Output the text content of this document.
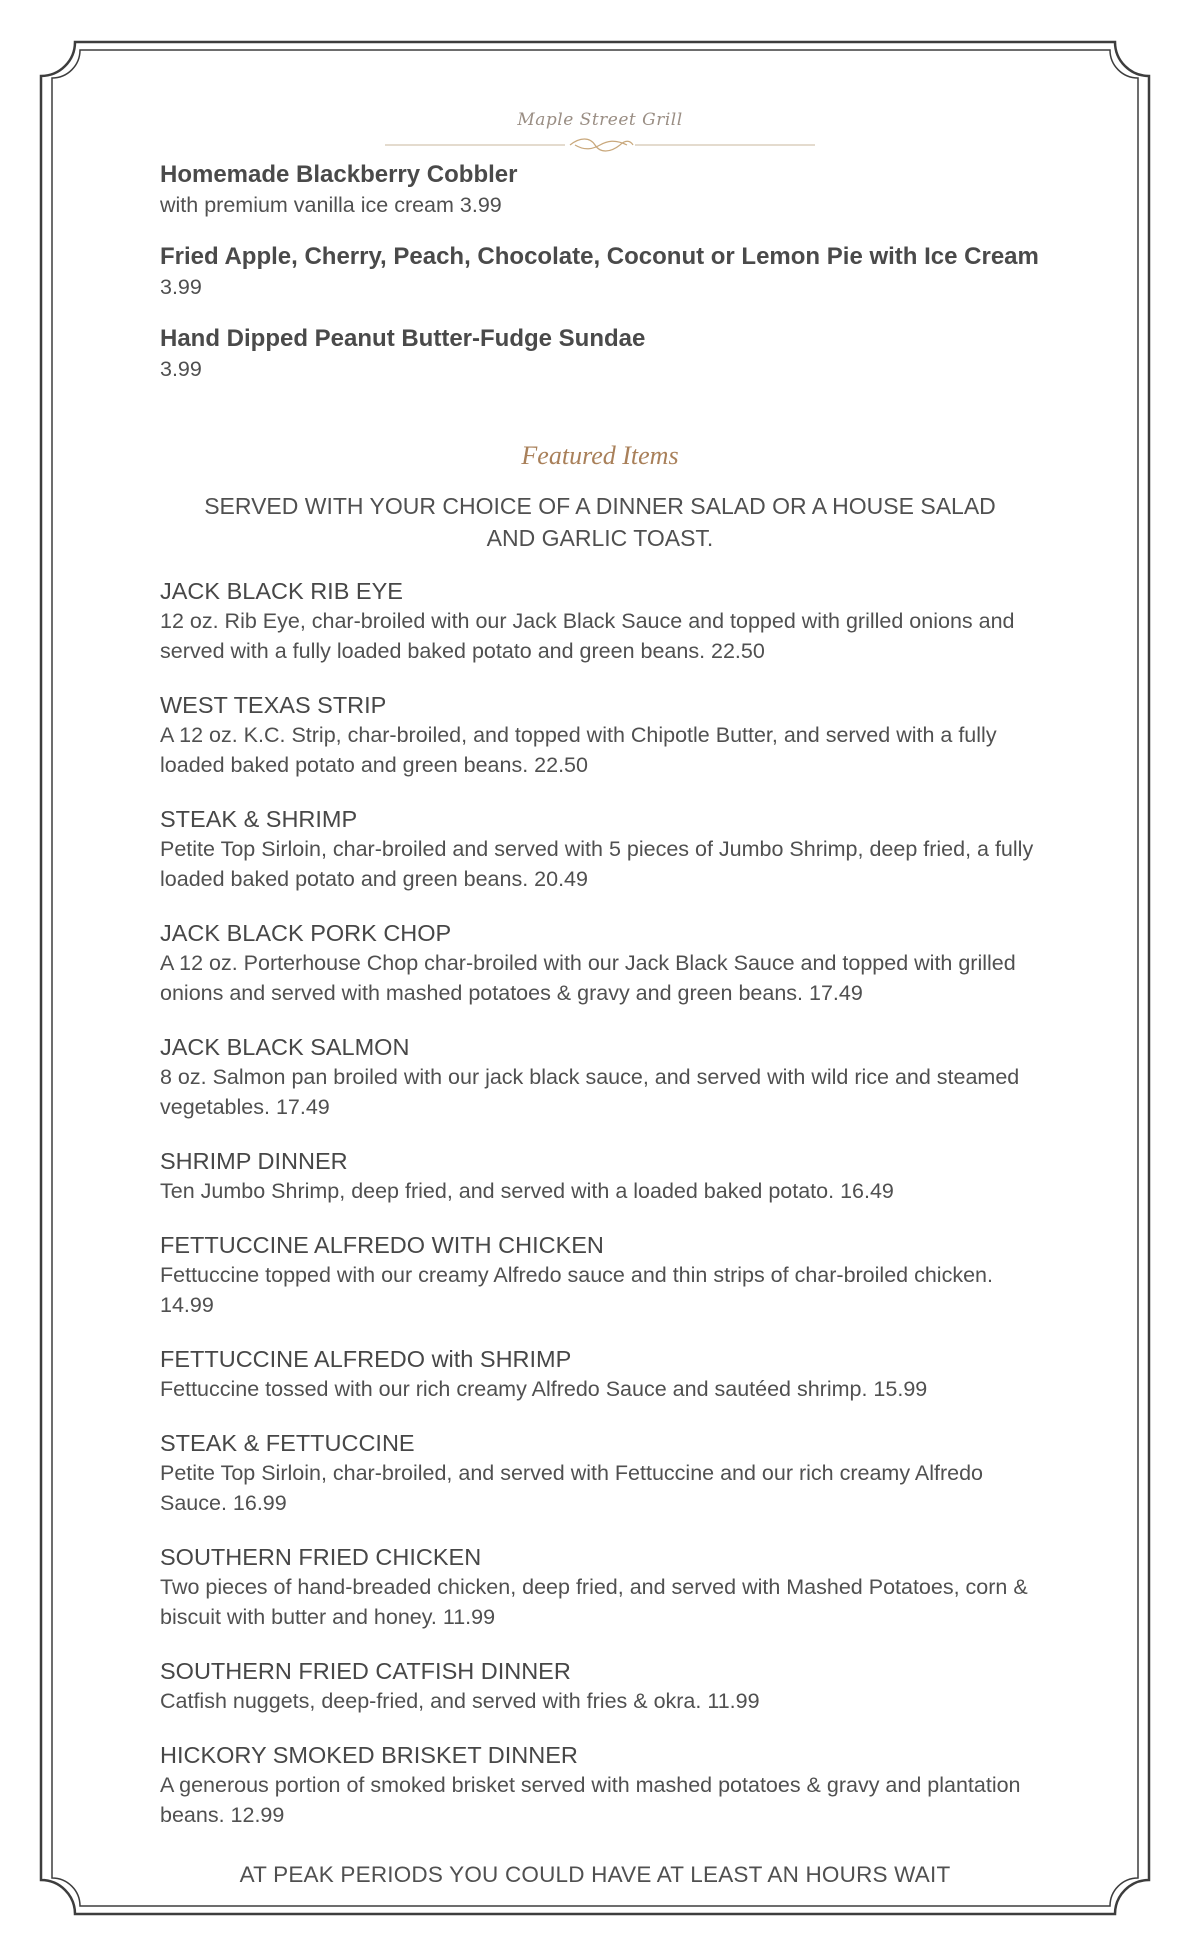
Maple Street Grill
Homemade Blackberry Cobbler
with premium vanilla ice cream 3.99
Fried Apple, Cherry, Peach, Chocolate, Coconut or Lemon Pie with Ice Cream
3.99
Hand Dipped Peanut Butter-Fudge Sundae
3.99
Featured Items
SERVED WITH YOUR CHOICE OF A DINNER SALAD OR A HOUSE SALAD AND GARLIC TOAST.
JACK BLACK RIB EYE
12 oz. Rib Eye, char-broiled with our Jack Black Sauce and topped with grilled onions and served with a fully loaded baked potato and green beans. 22.50
WEST TEXAS STRIP
A 12 oz. K.C. Strip, char-broiled, and topped with Chipotle Butter, and served with a fully loaded baked potato and green beans. 22.50
STEAK & SHRIMP
Petite Top Sirloin, char-broiled and served with 5 pieces of Jumbo Shrimp, deep fried, a fully loaded baked potato and green beans. 20.49
JACK BLACK PORK CHOP
A 12 oz. Porterhouse Chop char-broiled with our Jack Black Sauce and topped with grilled onions and served with mashed potatoes & gravy and green beans. 17.49
JACK BLACK SALMON
8 oz. Salmon pan broiled with our jack black sauce, and served with wild rice and steamed vegetables. 17.49
SHRIMP DINNER
Ten Jumbo Shrimp, deep fried, and served with a loaded baked potato. 16.49
FETTUCCINE ALFREDO WITH CHICKEN
Fettuccine topped with our creamy Alfredo sauce and thin strips of char-broiled chicken. 14.99
FETTUCCINE ALFREDO with SHRIMP
Fettuccine tossed with our rich creamy Alfredo Sauce and sautéed shrimp. 15.99
STEAK & FETTUCCINE
Petite Top Sirloin, char-broiled, and served with Fettuccine and our rich creamy Alfredo Sauce. 16.99
SOUTHERN FRIED CHICKEN
Two pieces of hand-breaded chicken, deep fried, and served with Mashed Potatoes, corn & biscuit with butter and honey. 11.99
SOUTHERN FRIED CATFISH DINNER
Catfish nuggets, deep-fried, and served with fries & okra. 11.99
HICKORY SMOKED BRISKET DINNER
A generous portion of smoked brisket served with mashed potatoes & gravy and plantation beans. 12.99
AT PEAK PERIODS YOU COULD HAVE AT LEAST AN HOURS WAIT
